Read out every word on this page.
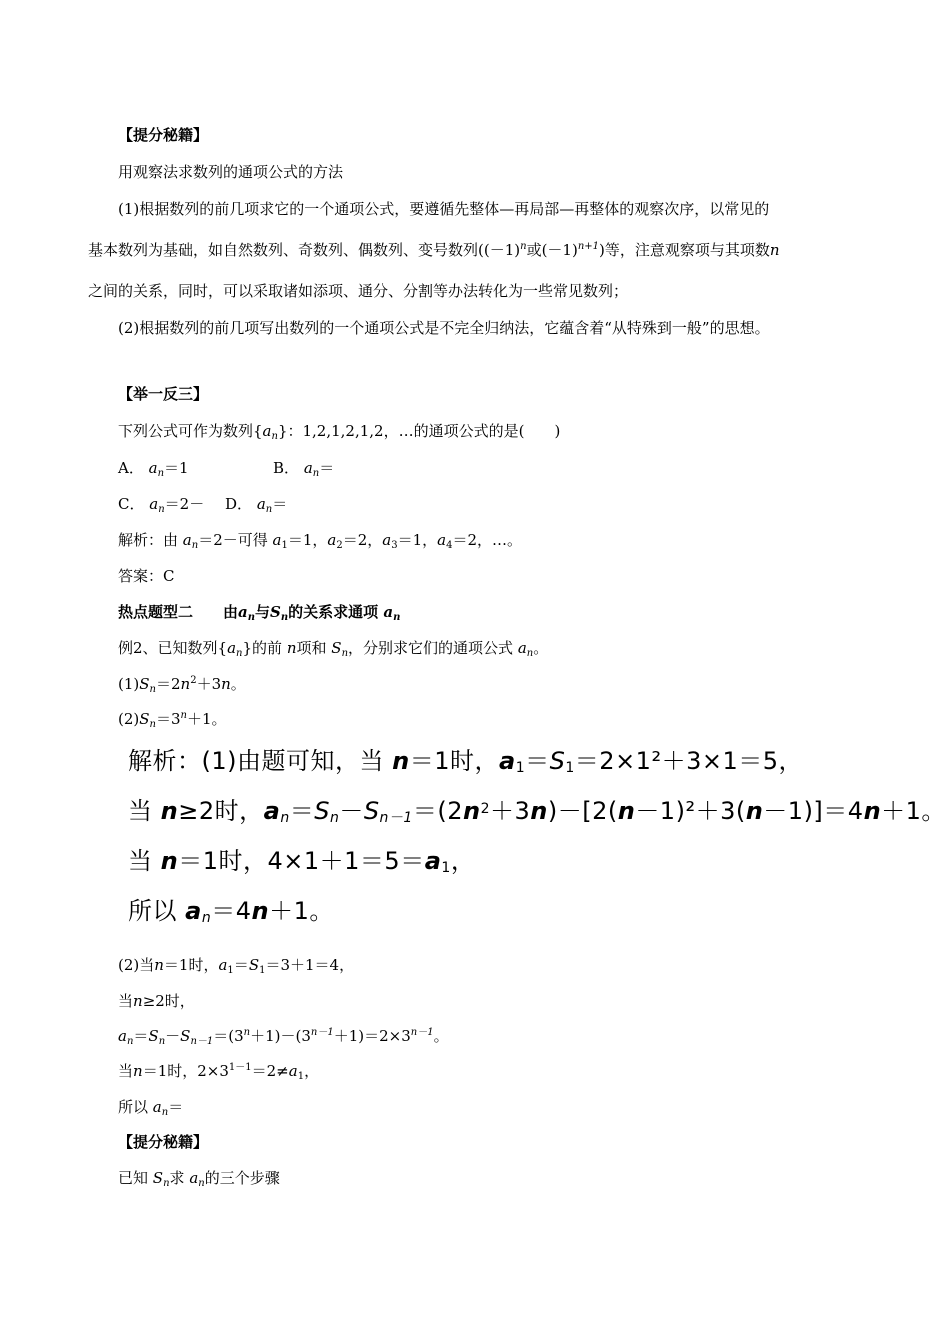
【提分秘籍】
用观察法求数列的通项公式的方法
(1)根据数列的前几项求它的一个通项公式，要遵循先整体—再局部—再整体的观察次序，以常见的
基本数列为基础，如自然数列、奇数列、偶数列、变号数列($(-1)^n$或$(-1)^{n+1}$)等，注意观察项与其项数n
之间的关系，同时，可以采取诸如添项、通分、分割等办法转化为一些常见数列；
(2)根据数列的前几项写出数列的一个通项公式是不完全归纳法，它蕴含着“从特殊到一般”的思想。
【举一反三】
下列公式可作为数列$\{a_n\}$：1,2,1,2,1,2，…的通项公式的是(　　)
A． $a_n=1$	B． $a_n=$
C． $a_n=2- D$． $a_n=$
解析：由 $a_n=2-$可得 $a_1=1$，$a_2=2$，$a_3=1$，$a_4=2$，…。
答案：C
热点题型二　　由$a_n$与$S_n$的关系求通项 $a_n$
例2、已知数列$\{a_n\}$的前 n项和 $S_n$，分别求它们的通项公式 $a_n$。
$(1)S_n=2n^2+3n$。
$(2)S_n=3^n+1$。
解析：(1)由题可知，当 n＝1时，$a_1=S_1=2\times 1^2+3\times 1=5$，
当 n≥2时，$a_n=S_n-S_{n-1}=(2n^2+3n)-[2(n-1)^2+3(n-1)]=4n+1$。
当 n＝1时，$4\times 1+1=5=a_1$，
所以 $a_n=4n+1$。
(2)当n＝1时，$a_1=S_1=3+1=4$，
当n≥2时，
$a_n=S_n-S_{n-1}=(3^n+1)-(3^{n-1}+1)=2\times 3^{n-1}$。
当n＝1时，$2\times 3^{1-1}=2\ne a_1$，
所以 $a_n=$
【提分秘籍】
已知 $S_n$求 $a_n$的三个步骤
